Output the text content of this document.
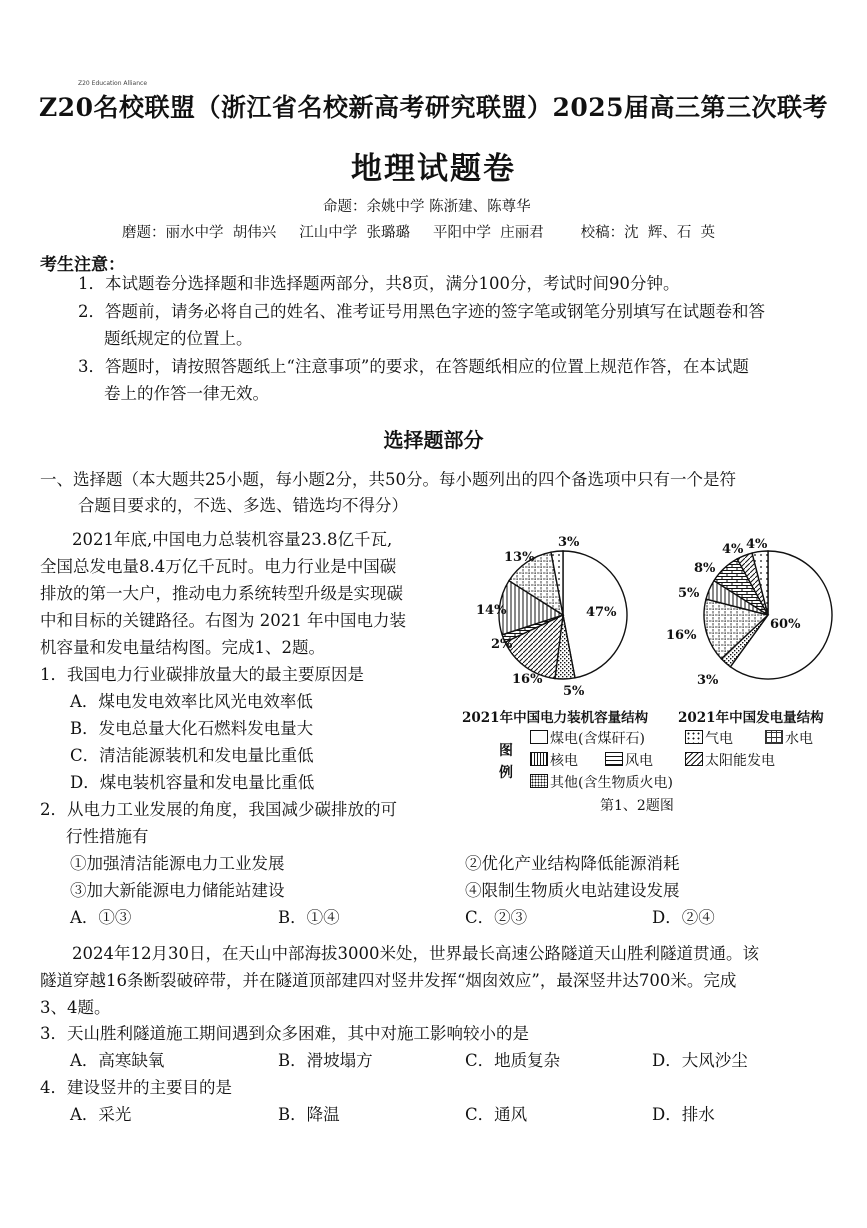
Z20 Education Alliance
Z20名校联盟（浙江省名校新高考研究联盟）2025届高三第三次联考
地理试题卷
命题：余姚中学 陈浙建、陈尊华
磨题：丽水中学  胡伟兴     江山中学  张璐璐     平阳中学  庄丽君        校稿：沈  辉、石  英
考生注意：
1．本试题卷分选择题和非选择题两部分，共8页，满分100分，考试时间90分钟。
2．答题前，请务必将自己的姓名、准考证号用黑色字迹的签字笔或钢笔分别填写在试题卷和答
题纸规定的位置上。
3．答题时，请按照答题纸上“注意事项”的要求，在答题纸相应的位置上规范作答，在本试题
卷上的作答一律无效。
选择题部分
一、选择题（本大题共25小题，每小题2分，共50分。每小题列出的四个备选项中只有一个是符
合题目要求的，不选、多选、错选均不得分）
2021年底,中国电力总装机容量23.8亿千瓦,
全国总发电量8.4万亿千瓦时。电力行业是中国碳
排放的第一大户，推动电力系统转型升级是实现碳
中和目标的关键路径。右图为 2021 年中国电力装
机容量和发电量结构图。完成1、2题。
1．我国电力行业碳排放量大的最主要原因是
A．煤电发电效率比风光电效率低
B．发电总量大化石燃料发电量大
C．清洁能源装机和发电量比重低
D．煤电装机容量和发电量比重低
2．从电力工业发展的角度，我国减少碳排放的可
行性措施有
①加强清洁能源电力工业发展	②优化产业结构降低能源消耗
③加大新能源电力储能站建设	④限制生物质火电站建设发展
A．①③	B．①④	C．②③	D．②④
2024年12月30日，在天山中部海拔3000米处，世界最长高速公路隧道天山胜利隧道贯通。该
隧道穿越16条断裂破碎带，并在隧道顶部建四对竖井发挥“烟囱效应”，最深竖井达700米。完成
3、4题。
3．天山胜利隧道施工期间遇到众多困难，其中对施工影响较小的是
A．高寒缺氧	B．滑坡塌方	C．地质复杂	D．大风沙尘
4．建设竖井的主要目的是
A．采光	B．降温	C．通风	D．排水
3%
13%
14%	47%
2%
16%
5%
4%
4%
8%
5%
60%
16%
3%
2021年中国电力装机容量结构 2021年中国发电量结构
图
例
煤电(含煤矸石)	气电	水电
核电	风电	太阳能发电
其他(含生物质火电)
第1、2题图
